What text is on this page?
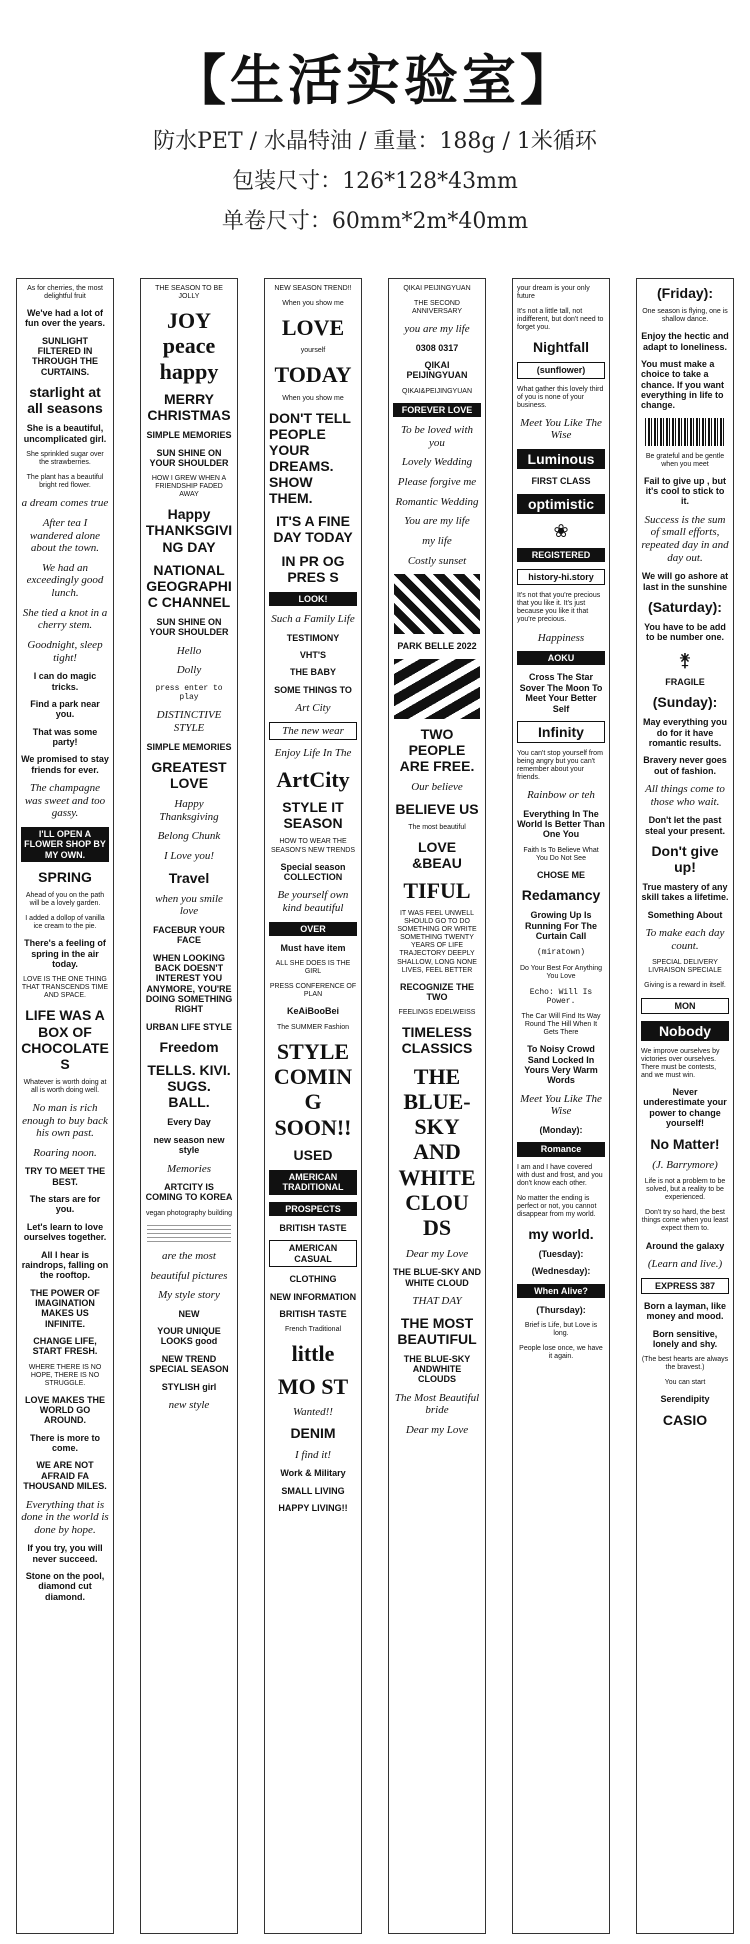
【生活实验室】
防水PET / 水晶特油 / 重量：188g / 1米循环
包装尺寸：126*128*43mm
单卷尺寸：60mm*2m*40mm
As for cherries, the most delightful fruit
We've had a lot of fun over the years.
SUNLIGHT FILTERED IN THROUGH THE CURTAINS.
starlight at all seasons
She is a beautiful, uncomplicated girl.
She sprinkled sugar over the strawberries.
The plant has a beautiful bright red flower.
a dream comes true
After tea I wandered alone about the town.
We had an exceedingly good lunch.
She tied a knot in a cherry stem.
Goodnight, sleep tight!
I can do magic tricks.
Find a park near you.
That was some party!
We promised to stay friends for ever.
The champagne was sweet and too gassy.
I'LL OPEN A FLOWER SHOP BY MY OWN.
SPRING
Ahead of you on the path will be a lovely garden.
I added a dollop of vanilla ice cream to the pie.
There's a feeling of spring in the air today.
LOVE IS THE ONE THING THAT TRANSCENDS TIME AND SPACE.
LIFE WAS A BOX OF CHOCOLATES
Whatever is worth doing at all is worth doing well.
No man is rich enough to buy back his own past.
Roaring noon.
TRY TO MEET THE BEST.
The stars are for you.
Let's learn to love ourselves together.
All I hear is raindrops, falling on the rooftop.
THE POWER OF IMAGINATION MAKES US INFINITE.
CHANGE LIFE, START FRESH.
WHERE THERE IS NO HOPE, THERE IS NO STRUGGLE.
LOVE MAKES THE WORLD GO AROUND.
There is more to come.
WE ARE NOT AFRAID FA THOUSAND MILES.
Everything that is done in the world is done by hope.
If you try, you will never succeed.
Stone on the pool, diamond cut diamond.
THE SEASON TO BE JOLLY
JOY peace happy
MERRY CHRISTMAS
SIMPLE MEMORIES
SUN SHINE ON YOUR SHOULDER
HOW I GREW WHEN A FRIENDSHIP FADED AWAY
Happy THANKSGIVING DAY
NATIONAL GEOGRAPHIC CHANNEL
SUN SHINE ON YOUR SHOULDER
Hello
Dolly
press enter to play
DISTINCTIVE STYLE
SIMPLE MEMORIES
GREATEST LOVE
Happy Thanksgiving
Belong Chunk
I Love you!
Travel
when you smile love
FACEBUR YOUR FACE
WHEN LOOKING BACK DOESN'T INTEREST YOU ANYMORE, YOU'RE DOING SOMETHING RIGHT
URBAN LIFE STYLE
Freedom
TELLS. KIVI. SUGS. BALL.
Every Day
new season new style
Memories
ARTCITY IS COMING TO KOREA
vegan photography building
are the most
beautiful pictures
My style story
NEW
YOUR UNIQUE LOOKS good
NEW TREND SPECIAL SEASON
STYLISH girl
new style
NEW SEASON TREND!!
When you show me
LOVE
yourself
TODAY
When you show me
DON'T TELL PEOPLE YOUR DREAMS. SHOW THEM.
IT'S A FINE DAY TODAY
IN PR OG PRES S
LOOK!
Such a Family Life
TESTIMONY
VHT'S
THE BABY
SOME THINGS TO
Art City
The new wear
Enjoy Life In The
ArtCity
STYLE IT SEASON
HOW TO WEAR THE SEASON'S NEW TRENDS
Special season COLLECTION
Be yourself own kind beautiful
OVER
Must have item
ALL SHE DOES IS THE GIRL
PRESS CONFERENCE OF PLAN
KeAiBooBei
The SUMMER Fashion
STYLE COMING SOON!!
USED
AMERICAN TRADITIONAL
PROSPECTS
BRITISH TASTE
AMERICAN CASUAL
CLOTHING
NEW INFORMATION
BRITISH TASTE
French Traditional
little
MO ST
Wanted!!
DENIM
I find it!
Work & Military
SMALL LIVING
HAPPY LIVING!!
QIKAI PEIJINGYUAN
THE SECOND ANNIVERSARY
you are my life
0308 0317
QIKAI PEIJINGYUAN
QIKAI&PEIJINGYUAN
FOREVER LOVE
To be loved with you
Lovely Wedding
Please forgive me
Romantic Wedding
You are my life
my life
Costly sunset
PARK BELLE 2022
TWO PEOPLE ARE FREE.
Our believe
BELIEVE US
The most beautiful
LOVE &BEAU
TIFUL
IT WAS FEEL UNWELL SHOULD GO TO DO SOMETHING OR WRITE SOMETHING TWENTY YEARS OF LIFE TRAJECTORY DEEPLY SHALLOW, LONG NONE LIVES, FEEL BETTER
RECOGNIZE THE TWO
FEELINGS EDELWEISS
TIMELESS CLASSICS
THE BLUE-SKY AND WHITE CLOU DS
Dear my Love
THE BLUE-SKY AND WHITE CLOUD
THAT DAY
THE MOST BEAUTIFUL
THE BLUE-SKY ANDWHITE CLOUDS
The Most Beautiful bride
Dear my Love
your dream is your only future
It's not a little tall, not indifferent, but don't need to forget you.
Nightfall
(sunflower)
What gather this lovely third of you is none of your business.
Meet You Like The Wise
Luminous
FIRST CLASS
optimistic
❀
REGISTERED
history-hi.story
It's not that you're precious that you like it. It's just because you like it that you're precious.
Happiness
AOKU
Cross The Star Sover The Moon To Meet Your Better Self
Infinity
You can't stop yourself from being angry but you can't remember about your friends.
Rainbow or teh
Everything In The World Is Better Than One You
Faith Is To Believe What You Do Not See
CHOSE ME
Redamancy
Growing Up Is Running For The Curtain Call
(miratown)
Do Your Best For Anything You Love
Echo: Will Is Power.
The Car Will Find Its Way Round The Hill When It Gets There
To Noisy Crowd Sand Locked In Yours Very Warm Words
Meet You Like The Wise
(Monday):
Romance
I am and I have covered with dust and frost, and you don't know each other.
No matter the ending is perfect or not, you cannot disappear from my world.
my world.
(Tuesday):
(Wednesday):
When Alive?
(Thursday):
Brief is Life, but Love is long.
People lose once, we have it again.
(Friday):
One season is flying, one is shallow dance.
Enjoy the hectic and adapt to loneliness.
You must make a choice to take a chance. If you want everything in life to change.
Be grateful and be gentle when you meet
Fail to give up , but it's cool to stick to it.
Success is the sum of small efforts, repeated day in and day out.
We will go ashore at last in the sunshine
(Saturday):
You have to be add to be number one.
⚵
FRAGILE
(Sunday):
May everything you do for it have romantic results.
Bravery never goes out of fashion.
All things come to those who wait.
Don't let the past steal your present.
Don't give up!
True mastery of any skill takes a lifetime.
Something About
To make each day count.
SPECIAL DELIVERY LIVRAISON SPECIALE
Giving is a reward in itself.
MON
Nobody
We improve ourselves by victories over ourselves. There must be contests, and we must win.
Never underestimate your power to change yourself!
No Matter!
(J. Barrymore)
Life is not a problem to be solved, but a reality to be experienced.
Don't try so hard, the best things come when you least expect them to.
Around the galaxy
(Learn and live.)
EXPRESS 387
Born a layman, like money and mood.
Born sensitive, lonely and shy.
(The best hearts are always the bravest.)
You can start
Serendipity
CASIO
